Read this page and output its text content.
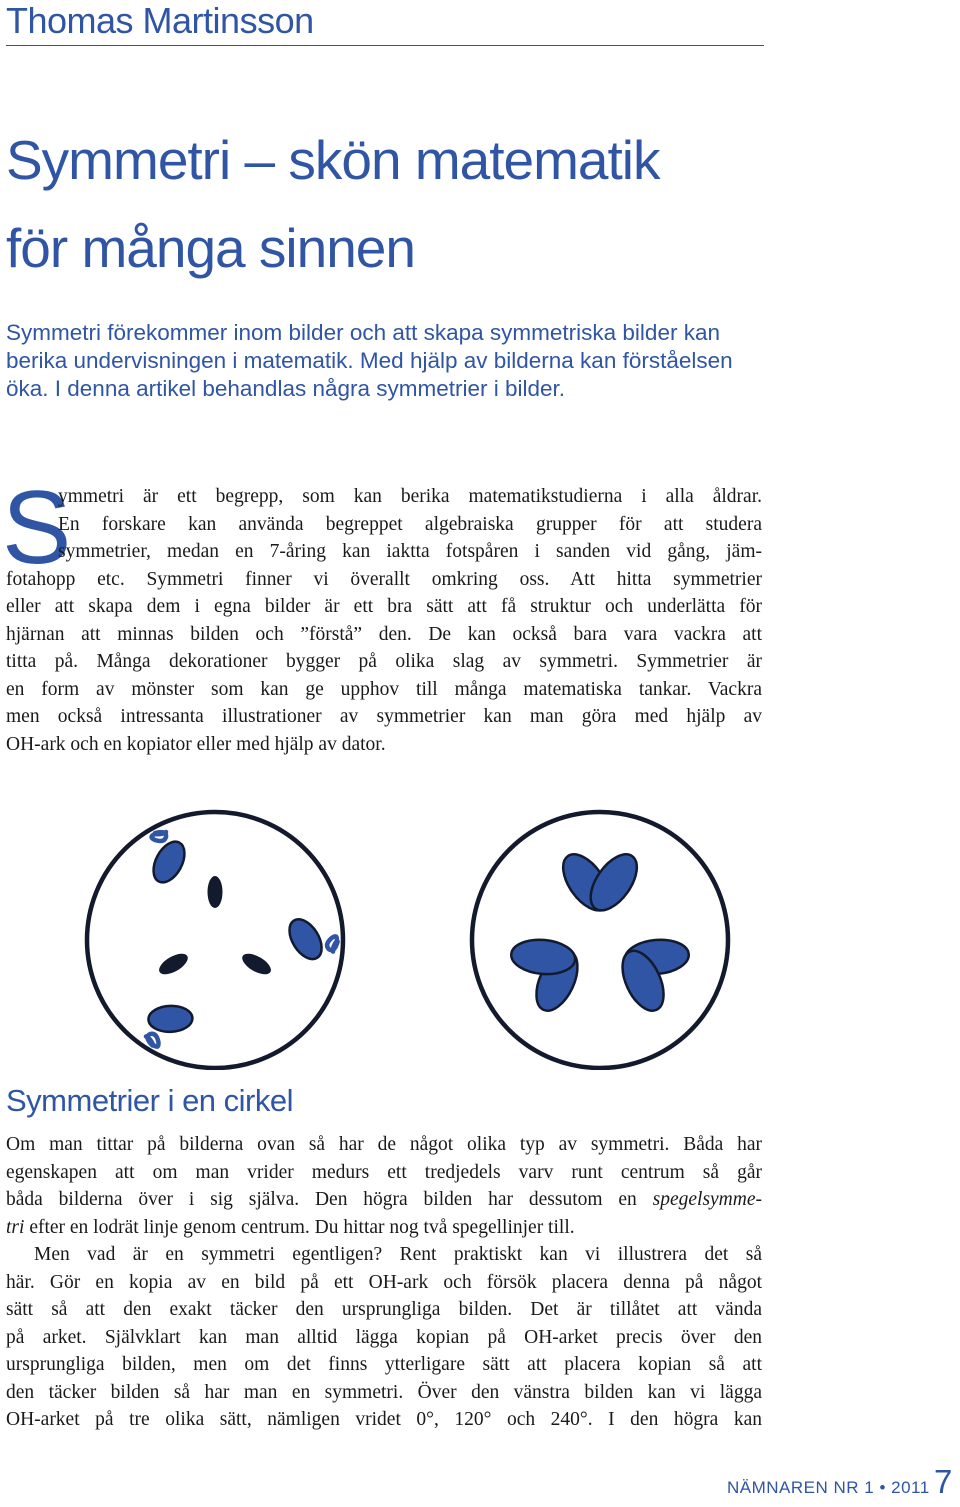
Thomas Martinsson
Symmetri – skön matematik
för många sinnen
Symmetri förekommer inom bilder och att skapa symmetriska bilder kan
berika undervisningen i matematik. Med hjälp av bilderna kan förståelsen
öka. I denna artikel behandlas några symmetrier i bilder.
S
ymmetri är ett begrepp, som kan berika matematikstudierna i alla åldrar.
En forskare kan använda begreppet algebraiska grupper för att studera
symmetrier, medan en 7-åring kan iaktta fotspåren i sanden vid gång, jäm-
fotahopp etc. Symmetri finner vi överallt omkring oss. Att hitta symmetrier
eller att skapa dem i egna bilder är ett bra sätt att få struktur och underlätta för
hjärnan att minnas bilden och ”förstå” den. De kan också bara vara vackra att
titta på. Många dekorationer bygger på olika slag av symmetri. Symmetrier är
en form av mönster som kan ge upphov till många matematiska tankar. Vackra
men också intressanta illustrationer av symmetrier kan man göra med hjälp av
OH-ark och en kopiator eller med hjälp av dator.
Symmetrier i en cirkel
Om man tittar på bilderna ovan så har de något olika typ av symmetri. Båda har
egenskapen att om man vrider medurs ett tredjedels varv runt centrum så går
båda bilderna över i sig själva. Den högra bilden har dessutom en spegelsymme-
tri efter en lodrät linje genom centrum. Du hittar nog två spegellinjer till.
Men vad är en symmetri egentligen? Rent praktiskt kan vi illustrera det så
här. Gör en kopia av en bild på ett OH-ark och försök placera denna på något
sätt så att den exakt täcker den ursprungliga bilden. Det är tillåtet att vända
på arket. Självklart kan man alltid lägga kopian på OH-arket precis över den
ursprungliga bilden, men om det finns ytterligare sätt att placera kopian så att
den täcker bilden så har man en symmetri. Över den vänstra bilden kan vi lägga
OH-arket på tre olika sätt, nämligen vridet 0°, 120° och 240°. I den högra kan
NÄMNAREN NR 1 • 2011 7
